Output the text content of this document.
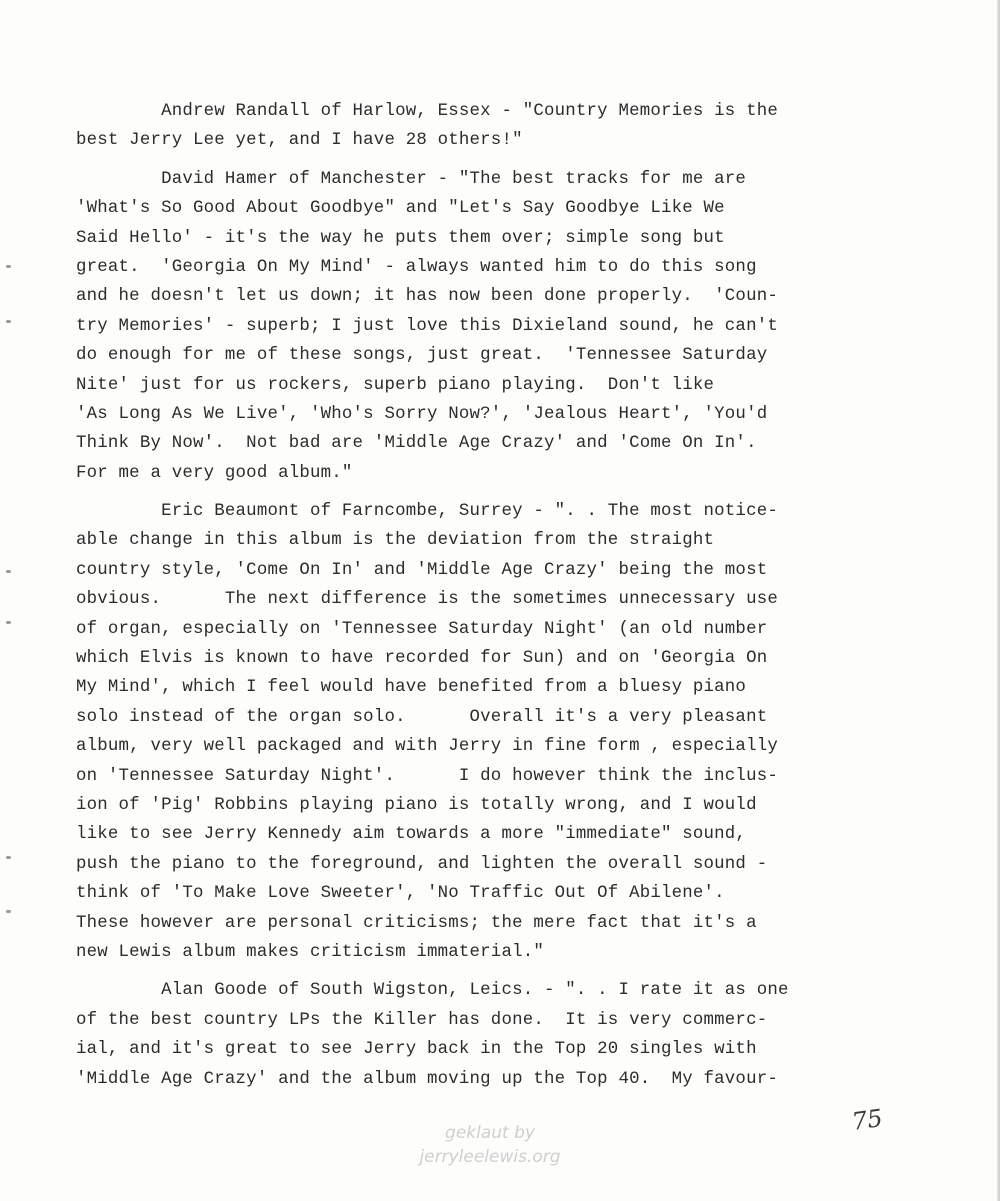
Andrew Randall of Harlow, Essex - "Country Memories is the
best Jerry Lee yet, and I have 28 others!"
David Hamer of Manchester - "The best tracks for me are
'What's So Good About Goodbye" and "Let's Say Goodbye Like We
Said Hello' - it's the way he puts them over; simple song but
great.  'Georgia On My Mind' - always wanted him to do this song
and he doesn't let us down; it has now been done properly.  'Coun-
try Memories' - superb; I just love this Dixieland sound, he can't
do enough for me of these songs, just great.  'Tennessee Saturday
Nite' just for us rockers, superb piano playing.  Don't like
'As Long As We Live', 'Who's Sorry Now?', 'Jealous Heart', 'You'd
Think By Now'.  Not bad are 'Middle Age Crazy' and 'Come On In'.
For me a very good album."
Eric Beaumont of Farncombe, Surrey - ". . The most notice-
able change in this album is the deviation from the straight
country style, 'Come On In' and 'Middle Age Crazy' being the most
obvious.      The next difference is the sometimes unnecessary use
of organ, especially on 'Tennessee Saturday Night' (an old number
which Elvis is known to have recorded for Sun) and on 'Georgia On
My Mind', which I feel would have benefited from a bluesy piano
solo instead of the organ solo.      Overall it's a very pleasant
album, very well packaged and with Jerry in fine form , especially
on 'Tennessee Saturday Night'.      I do however think the inclus-
ion of 'Pig' Robbins playing piano is totally wrong, and I would
like to see Jerry Kennedy aim towards a more "immediate" sound,
push the piano to the foreground, and lighten the overall sound -
think of 'To Make Love Sweeter', 'No Traffic Out Of Abilene'.
These however are personal criticisms; the mere fact that it's a
new Lewis album makes criticism immaterial."
Alan Goode of South Wigston, Leics. - ". . I rate it as one
of the best country LPs the Killer has done.  It is very commerc-
ial, and it's great to see Jerry back in the Top 20 singles with
'Middle Age Crazy' and the album moving up the Top 40.  My favour-
75
geklaut by
jerryleelewis.org
